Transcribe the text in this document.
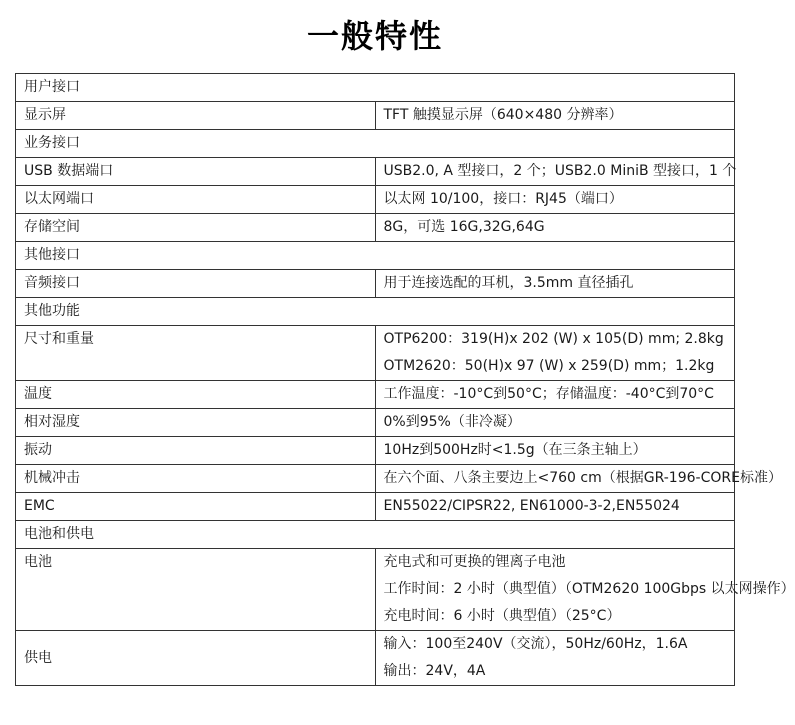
一般特性
用户接口	
显示屏	TFT 触摸显示屏（640×480 分辨率）
业务接口	
USB 数据端口	USB2.0, A 型接口，2 个；USB2.0 MiniB 型接口，1 个
以太网端口	以太网 10/100，接口：RJ45（端口）
存储空间	8G，可选 16G,32G,64G
其他接口	
音频接口	用于连接选配的耳机，3.5mm 直径插孔
其他功能	
尺寸和重量	OTP6200：319(H)x 202 (W) x 105(D) mm; 2.8kg
OTM2620：50(H)x 97 (W) x 259(D) mm；1.2kg

温度	工作温度：-10°C到50°C；存储温度：-40°C到70°C
相对湿度	0%到95%（非冷凝）
振动	10Hz到500Hz时<1.5g（在三条主轴上）
机械冲击	在六个面、八条主要边上<760 cm（根据GR-196-CORE标准）
EMC	EN55022/CIPSR22, EN61000-3-2,EN55024
电池和供电	
电池	充电式和可更换的锂离子电池
工作时间：2 小时（典型值）（OTM2620 100Gbps 以太网操作）
充电时间：6 小时（典型值）（25°C）

供电	输入：100至240V（交流），50Hz/60Hz，1.6A
输出：24V，4A
